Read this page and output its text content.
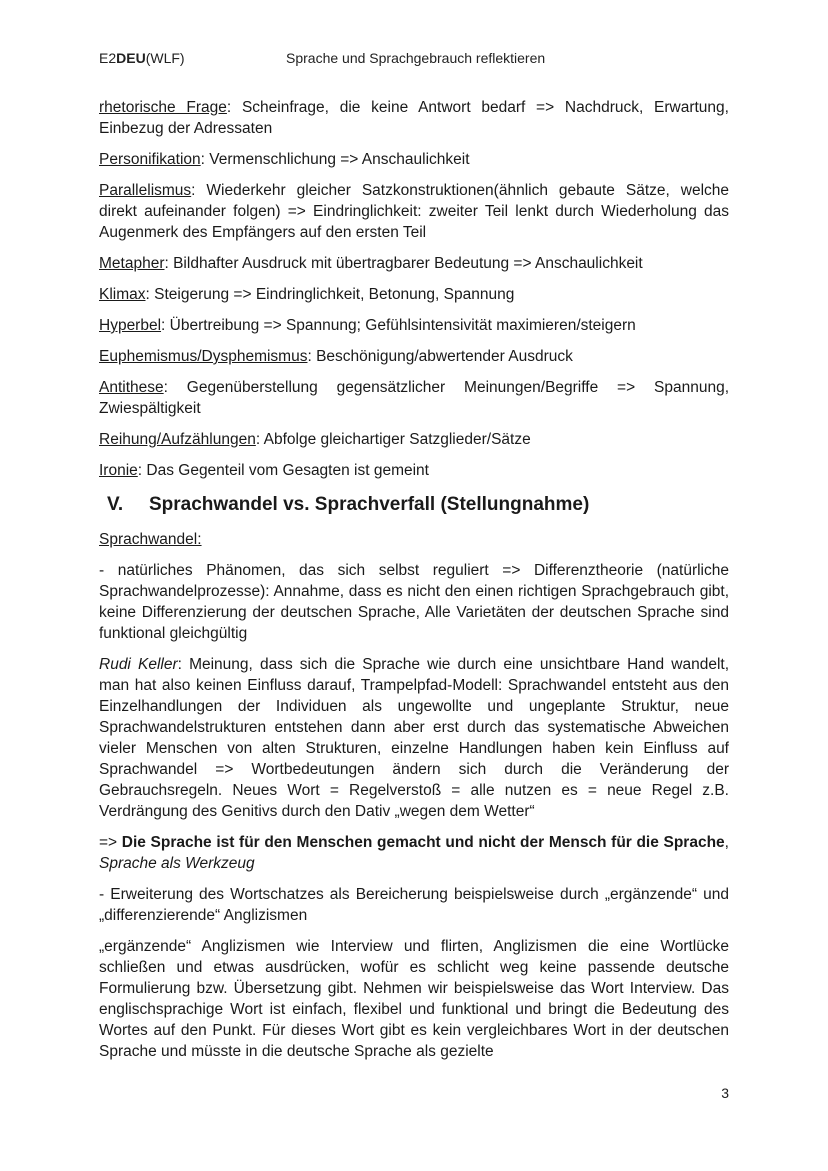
E2DEU(WLF)	Sprache und Sprachgebrauch reflektieren

rhetorische Frage: Scheinfrage, die keine Antwort bedarf => Nachdruck, Erwartung, Einbezug der Adressaten

Personifikation: Vermenschlichung => Anschaulichkeit

Parallelismus: Wiederkehr gleicher Satzkonstruktionen(ähnlich gebaute Sätze, welche direkt aufeinander folgen) => Eindringlichkeit: zweiter Teil lenkt durch Wiederholung das Augenmerk des Empfängers auf den ersten Teil

Metapher: Bildhafter Ausdruck mit übertragbarer Bedeutung => Anschaulichkeit

Klimax: Steigerung => Eindringlichkeit, Betonung, Spannung

Hyperbel: Übertreibung => Spannung; Gefühlsintensivität maximieren/steigern

Euphemismus/Dysphemismus: Beschönigung/abwertender Ausdruck

Antithese: Gegenüberstellung gegensätzlicher Meinungen/Begriffe => Spannung, Zwiespältigkeit

Reihung/Aufzählungen: Abfolge gleichartiger Satzglieder/Sätze

Ironie: Das Gegenteil vom Gesagten ist gemeint

V.	Sprachwandel vs. Sprachverfall (Stellungnahme)

Sprachwandel:

- natürliches Phänomen, das sich selbst reguliert => Differenztheorie (natürliche Sprachwandelprozesse): Annahme, dass es nicht den einen richtigen Sprachgebrauch gibt, keine Differenzierung der deutschen Sprache, Alle Varietäten der deutschen Sprache sind funktional gleichgültig

Rudi Keller: Meinung, dass sich die Sprache wie durch eine unsichtbare Hand wandelt, man hat also keinen Einfluss darauf, Trampelpfad-Modell: Sprachwandel entsteht aus den Einzelhandlungen der Individuen als ungewollte und ungeplante Struktur, neue Sprachwandelstrukturen entstehen dann aber erst durch das systematische Abweichen vieler Menschen von alten Strukturen, einzelne Handlungen haben kein Einfluss auf Sprachwandel => Wortbedeutungen ändern sich durch die Veränderung der Gebrauchsregeln. Neues Wort = Regelverstoß = alle nutzen es = neue Regel z.B. Verdrängung des Genitivs durch den Dativ „wegen dem Wetter“

=> Die Sprache ist für den Menschen gemacht und nicht der Mensch für die Sprache, Sprache als Werkzeug

- Erweiterung des Wortschatzes als Bereicherung beispielsweise durch „ergänzende“ und „differenzierende“ Anglizismen

„ergänzende“ Anglizismen wie Interview und flirten, Anglizismen die eine Wortlücke schließen und etwas ausdrücken, wofür es schlicht weg keine passende deutsche Formulierung bzw. Übersetzung gibt. Nehmen wir beispielsweise das Wort Interview. Das englischsprachige Wort ist einfach, flexibel und funktional und bringt die Bedeutung des Wortes auf den Punkt. Für dieses Wort gibt es kein vergleichbares Wort in der deutschen Sprache und müsste in die deutsche Sprache als gezielte

3
